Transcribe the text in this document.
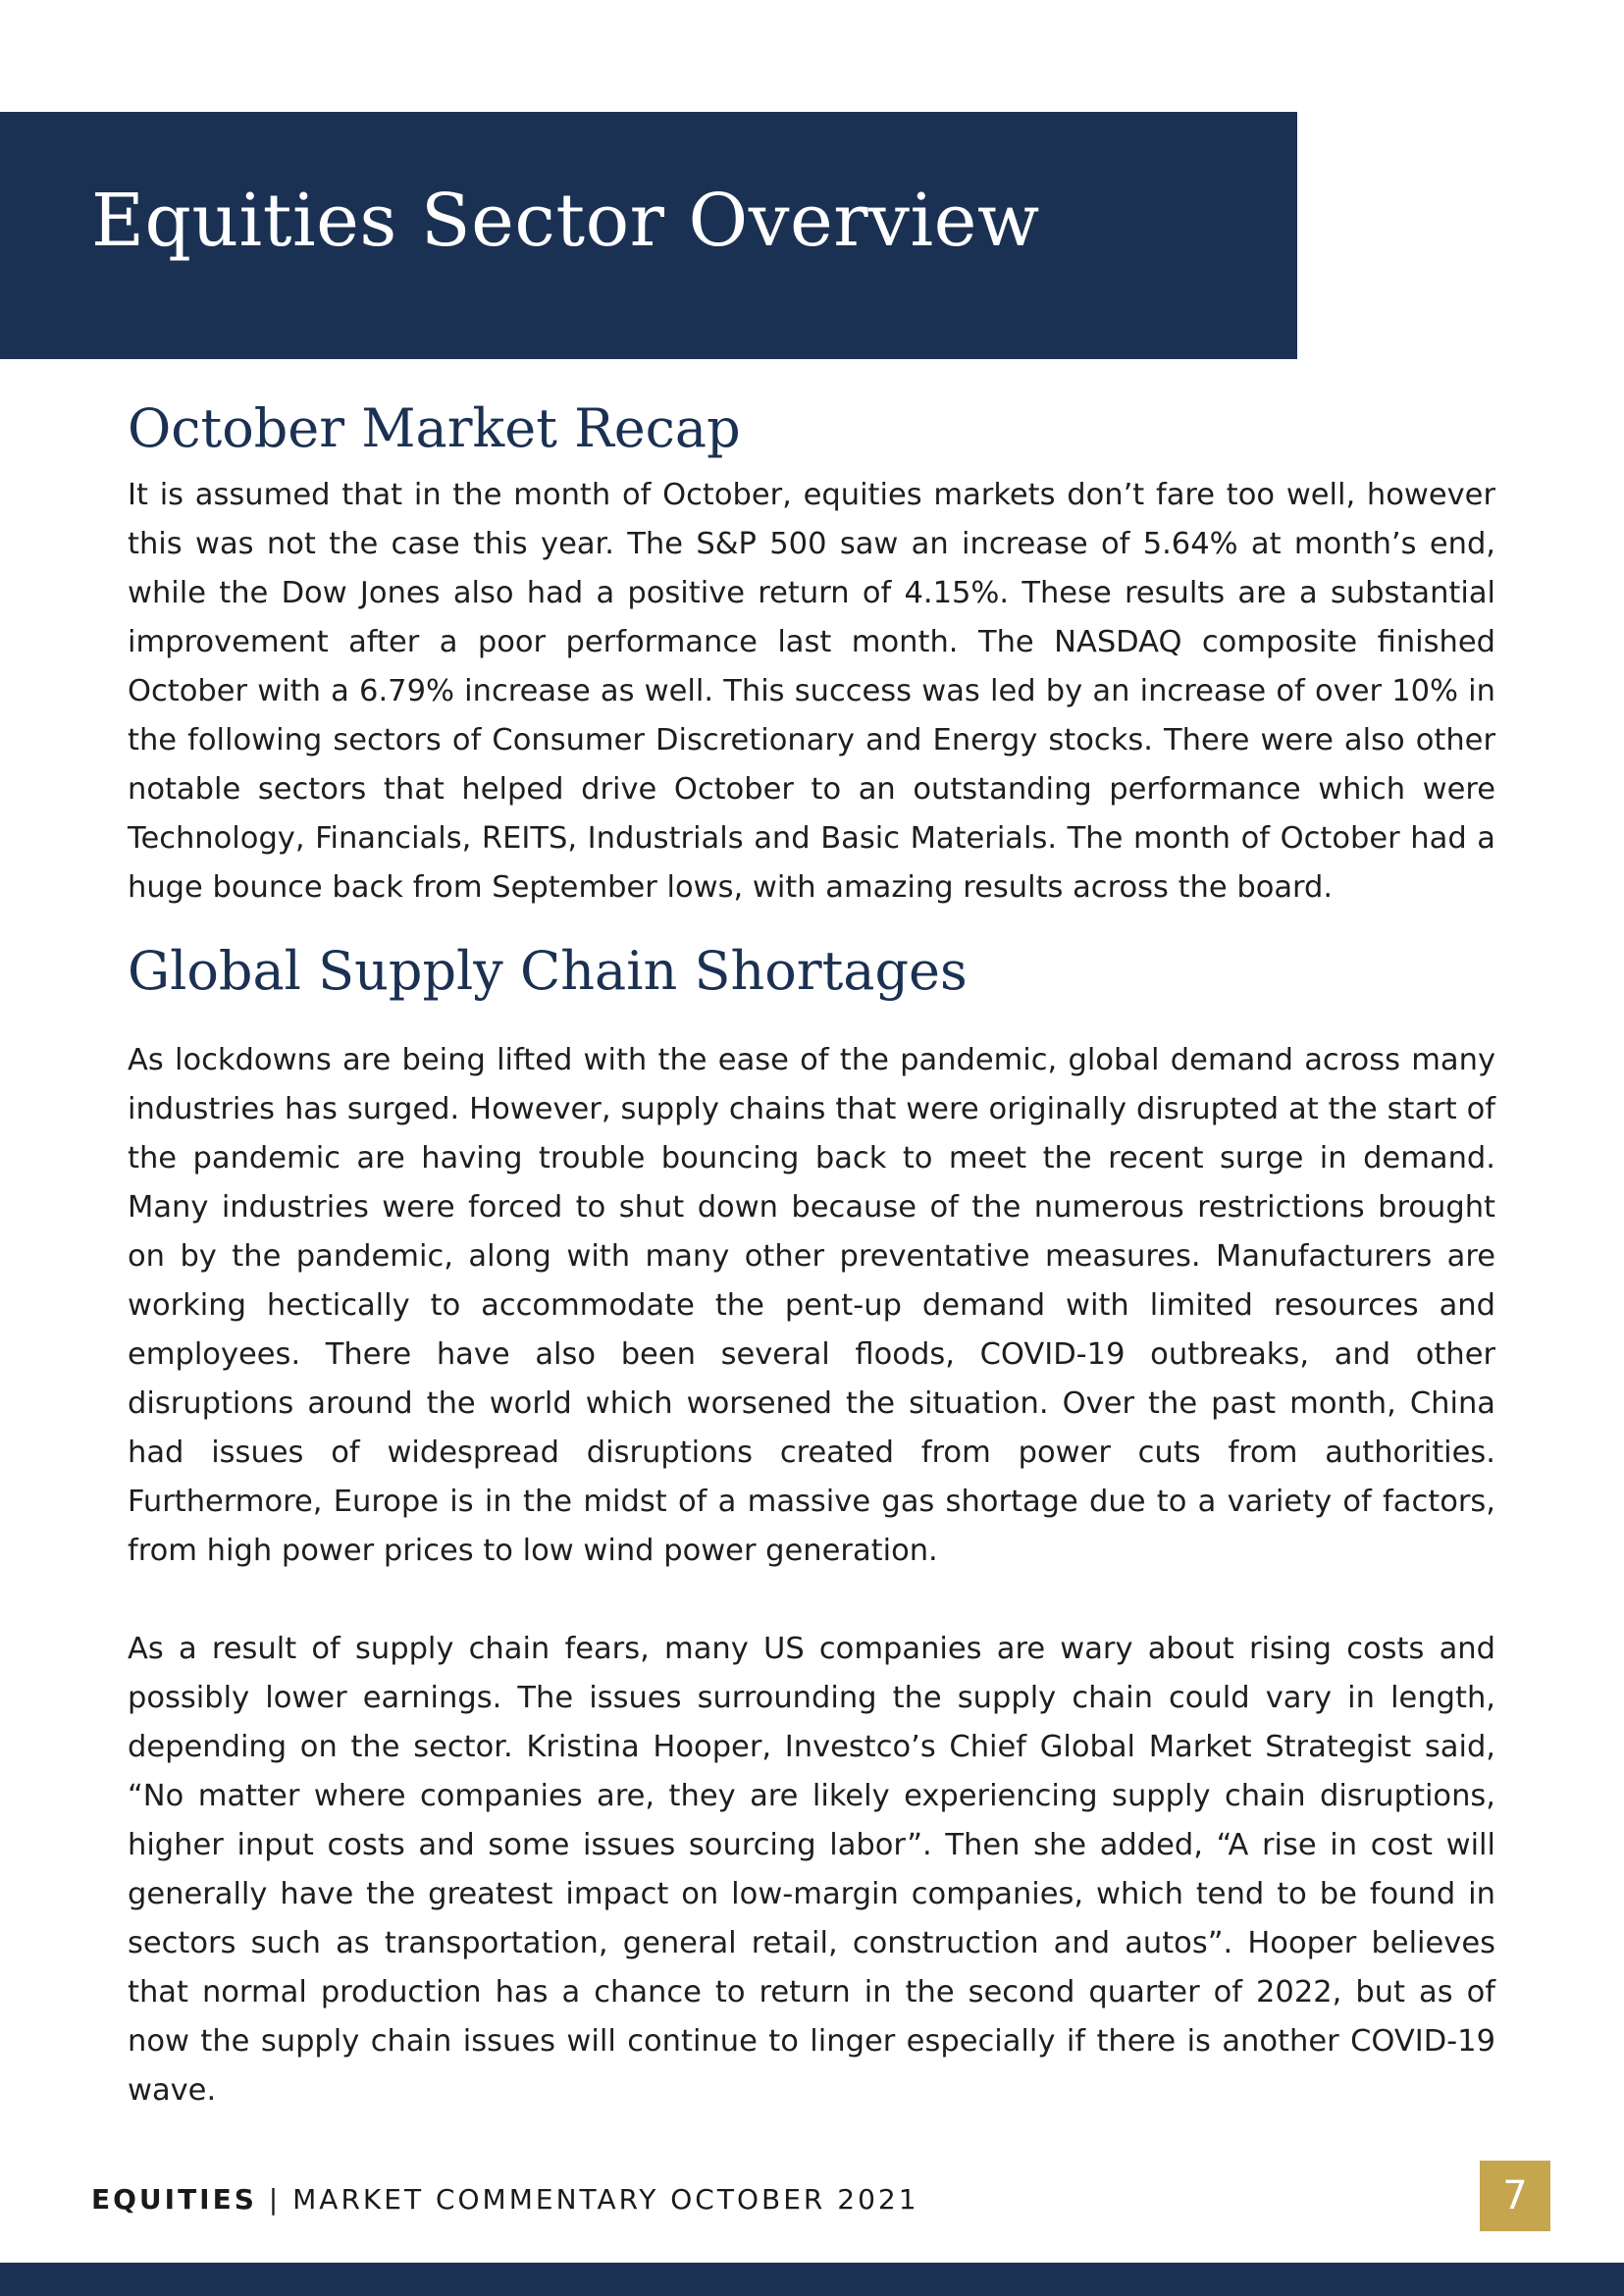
Equities Sector Overview
October Market Recap

It is assumed that in the month of October, equities markets don’t fare too well, however this was not the case this year. The S&P 500 saw an increase of 5.64% at month’s end, while the Dow Jones also had a positive return of 4.15%. These results are a substantial improvement after a poor performance last month. The NASDAQ composite finished October with a 6.79% increase as well. This success was led by an increase of over 10% in the following sectors of Consumer Discretionary and Energy stocks. There were also other notable sectors that helped drive October to an outstanding performance which were Technology, Financials, REITS, Industrials and Basic Materials. The month of October had a huge bounce back from September lows, with amazing results across the board.

Global Supply Chain Shortages

As lockdowns are being lifted with the ease of the pandemic, global demand across many industries has surged. However, supply chains that were originally disrupted at the start of the pandemic are having trouble bouncing back to meet the recent surge in demand. Many industries were forced to shut down because of the numerous restrictions brought on by the pandemic, along with many other preventative measures. Manufacturers are working hectically to accommodate the pent-up demand with limited resources and employees. There have also been several floods, COVID-19 outbreaks, and other disruptions around the world which worsened the situation. Over the past month, China had issues of widespread disruptions created from power cuts from authorities. Furthermore, Europe is in the midst of a massive gas shortage due to a variety of factors, from high power prices to low wind power generation.

As a result of supply chain fears, many US companies are wary about rising costs and possibly lower earnings. The issues surrounding the supply chain could vary in length, depending on the sector. Kristina Hooper, Investco’s Chief Global Market Strategist said, “No matter where companies are, they are likely experiencing supply chain disruptions, higher input costs and some issues sourcing labor”. Then she added, “A rise in cost will generally have the greatest impact on low-margin companies, which tend to be found in sectors such as transportation, general retail, construction and autos”. Hooper believes that normal production has a chance to return in the second quarter of 2022, but as of now the supply chain issues will continue to linger especially if there is another COVID-19 wave.

EQUITIES | MARKET COMMENTARY OCTOBER 2021	7
